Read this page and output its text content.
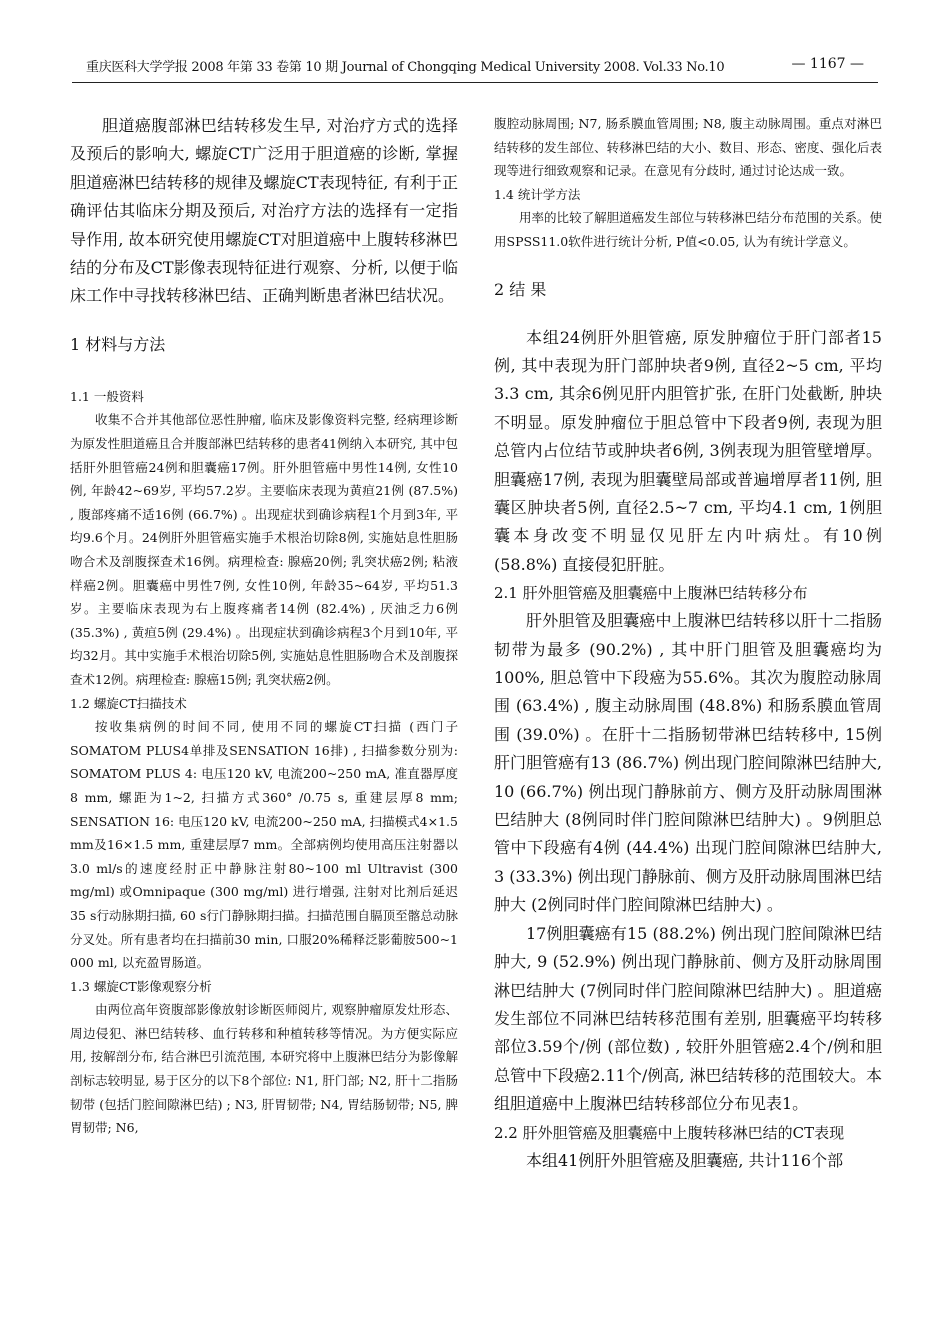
重庆医科大学学报 2008 年第 33 卷第 10 期 Journal of Chongqing Medical University 2008. Vol.33 No.10	— 1167 —

胆道癌腹部淋巴结转移发生早, 对治疗方式的选择及预后的影响大, 螺旋CT广泛用于胆道癌的诊断, 掌握胆道癌淋巴结转移的规律及螺旋CT表现特征, 有利于正确评估其临床分期及预后, 对治疗方法的选择有一定指导作用, 故本研究使用螺旋CT对胆道癌中上腹转移淋巴结的分布及CT影像表现特征进行观察、分析, 以便于临床工作中寻找转移淋巴结、正确判断患者淋巴结状况。

1 材料与方法

1.1 一般资料

收集不合并其他部位恶性肿瘤, 临床及影像资料完整, 经病理诊断为原发性胆道癌且合并腹部淋巴结转移的患者41例纳入本研究, 其中包括肝外胆管癌24例和胆囊癌17例。肝外胆管癌中男性14例, 女性10例, 年龄42~69岁, 平均57.2岁。主要临床表现为黄疸21例 (87.5%) , 腹部疼痛不适16例 (66.7%) 。出现症状到确诊病程1个月到3年, 平均9.6个月。24例肝外胆管癌实施手术根治切除8例, 实施姑息性胆肠吻合术及剖腹探查术16例。病理检查: 腺癌20例; 乳突状癌2例; 粘液样癌2例。胆囊癌中男性7例, 女性10例, 年龄35~64岁, 平均51.3岁。主要临床表现为右上腹疼痛者14例 (82.4%) , 厌油乏力6例 (35.3%) , 黄疸5例 (29.4%) 。出现症状到确诊病程3个月到10年, 平均32月。其中实施手术根治切除5例, 实施姑息性胆肠吻合术及剖腹探查术12例。病理检查: 腺癌15例; 乳突状癌2例。

1.2 螺旋CT扫描技术

按收集病例的时间不同, 使用不同的螺旋CT扫描 (西门子 SOMATOM PLUS4单排及SENSATION 16排) , 扫描参数分别为: SOMATOM PLUS 4: 电压120 kV, 电流200~250 mA, 准直器厚度8 mm, 螺距为1~2, 扫描方式360° /0.75 s, 重建层厚8 mm; SENSATION 16: 电压120 kV, 电流200~250 mA, 扫描模式4×1.5 mm及16×1.5 mm, 重建层厚7 mm。全部病例均使用高压注射器以3.0 ml/s的速度经肘正中静脉注射80~100 ml Ultravist (300 mg/ml) 或Omnipaque (300 mg/ml) 进行增强, 注射对比剂后延迟35 s行动脉期扫描, 60 s行门静脉期扫描。扫描范围自膈顶至髂总动脉分叉处。所有患者均在扫描前30 min, 口服20%稀释泛影葡胺500~1 000 ml, 以充盈胃肠道。

1.3 螺旋CT影像观察分析

由两位高年资腹部影像放射诊断医师阅片, 观察肿瘤原发灶形态、周边侵犯、淋巴结转移、血行转移和种植转移等情况。为方便实际应用, 按解剖分布, 结合淋巴引流范围, 本研究将中上腹淋巴结分为影像解剖标志较明显, 易于区分的以下8个部位: N1, 肝门部; N2, 肝十二指肠韧带 (包括门腔间隙淋巴结) ; N3, 肝胃韧带; N4, 胃结肠韧带; N5, 脾胃韧带; N6,

腹腔动脉周围; N7, 肠系膜血管周围; N8, 腹主动脉周围。重点对淋巴结转移的发生部位、转移淋巴结的大小、数目、形态、密度、强化后表现等进行细致观察和记录。在意见有分歧时, 通过讨论达成一致。

1.4 统计学方法

用率的比较了解胆道癌发生部位与转移淋巴结分布范围的关系。使用SPSS11.0软件进行统计分析, P值<0.05, 认为有统计学意义。

2 结 果

本组24例肝外胆管癌, 原发肿瘤位于肝门部者15例, 其中表现为肝门部肿块者9例, 直径2~5 cm, 平均3.3 cm, 其余6例见肝内胆管扩张, 在肝门处截断, 肿块不明显。原发肿瘤位于胆总管中下段者9例, 表现为胆总管内占位结节或肿块者6例, 3例表现为胆管壁增厚。胆囊癌17例, 表现为胆囊壁局部或普遍增厚者11例, 胆囊区肿块者5例, 直径2.5~7 cm, 平均4.1 cm, 1例胆囊本身改变不明显仅见肝左内叶病灶。有10例 (58.8%) 直接侵犯肝脏。

2.1 肝外胆管癌及胆囊癌中上腹淋巴结转移分布

肝外胆管及胆囊癌中上腹淋巴结转移以肝十二指肠韧带为最多 (90.2%) , 其中肝门胆管及胆囊癌均为100%, 胆总管中下段癌为55.6%。其次为腹腔动脉周围 (63.4%) , 腹主动脉周围 (48.8%) 和肠系膜血管周围 (39.0%) 。在肝十二指肠韧带淋巴结转移中, 15例肝门胆管癌有13 (86.7%) 例出现门腔间隙淋巴结肿大, 10 (66.7%) 例出现门静脉前方、侧方及肝动脉周围淋巴结肿大 (8例同时伴门腔间隙淋巴结肿大) 。9例胆总管中下段癌有4例 (44.4%) 出现门腔间隙淋巴结肿大, 3 (33.3%) 例出现门静脉前、侧方及肝动脉周围淋巴结肿大 (2例同时伴门腔间隙淋巴结肿大) 。

17例胆囊癌有15 (88.2%) 例出现门腔间隙淋巴结肿大, 9 (52.9%) 例出现门静脉前、侧方及肝动脉周围淋巴结肿大 (7例同时伴门腔间隙淋巴结肿大) 。胆道癌发生部位不同淋巴结转移范围有差别, 胆囊癌平均转移部位3.59个/例 (部位数) , 较肝外胆管癌2.4个/例和胆总管中下段癌2.11个/例高, 淋巴结转移的范围较大。本组胆道癌中上腹淋巴结转移部位分布见表1。

2.2 肝外胆管癌及胆囊癌中上腹转移淋巴结的CT表现

本组41例肝外胆管癌及胆囊癌, 共计116个部
